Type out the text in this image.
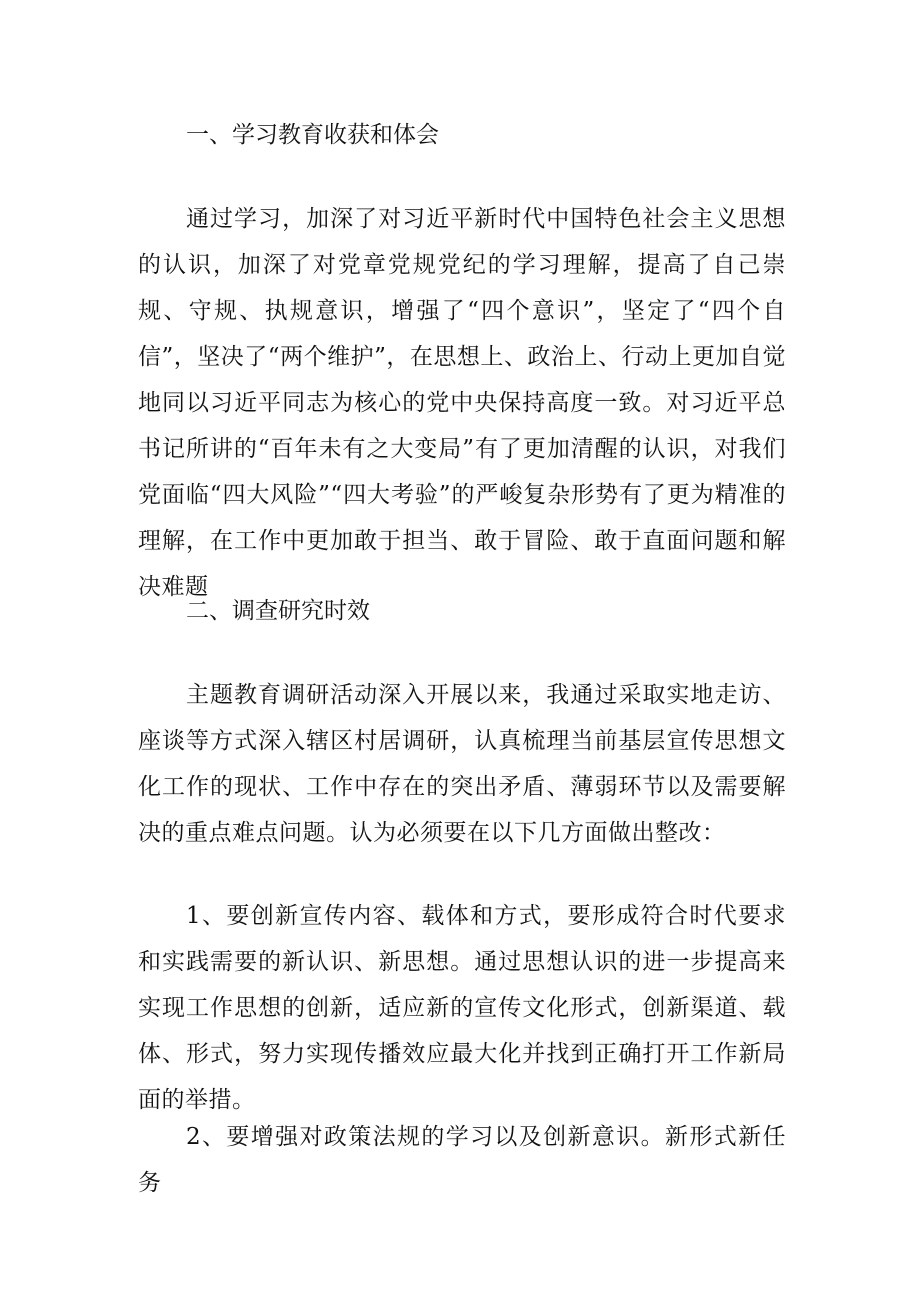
一、学习教育收获和体会

通过学习，加深了对习近平新时代中国特色社会主义思想的认识，加深了对党章党规党纪的学习理解，提高了自己崇规、守规、执规意识，增强了“四个意识”，坚定了“四个自信”，坚决了“两个维护”，在思想上、政治上、行动上更加自觉地同以习近平同志为核心的党中央保持高度一致。对习近平总书记所讲的“百年未有之大变局”有了更加清醒的认识，对我们党面临“四大风险”“四大考验”的严峻复杂形势有了更为精准的理解，在工作中更加敢于担当、敢于冒险、敢于直面问题和解决难题

二、调查研究时效

主题教育调研活动深入开展以来，我通过采取实地走访、座谈等方式深入辖区村居调研，认真梳理当前基层宣传思想文化工作的现状、工作中存在的突出矛盾、薄弱环节以及需要解决的重点难点问题。认为必须要在以下几方面做出整改：

1、要创新宣传内容、载体和方式，要形成符合时代要求和实践需要的新认识、新思想。通过思想认识的进一步提高来实现工作思想的创新，适应新的宣传文化形式，创新渠道、载体、形式，努力实现传播效应最大化并找到正确打开工作新局面的举措。

2、要增强对政策法规的学习以及创新意识。新形式新任务
